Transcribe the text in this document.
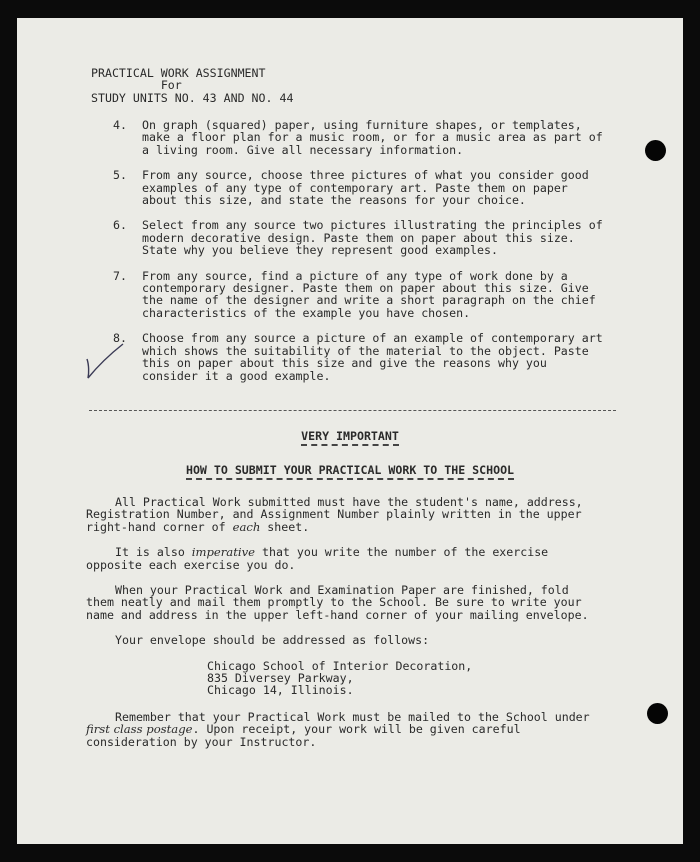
PRACTICAL WORK ASSIGNMENT
For
STUDY UNITS NO. 43 AND NO. 44
4.	On graph (squared) paper, using furniture shapes, or templates, make a floor plan for a music room, or for a music area as part of a living room. Give all necessary information.
5.	From any source, choose three pictures of what you consider good examples of any type of contemporary art. Paste them on paper about this size, and state the reasons for your choice.
6.	Select from any source two pictures illustrating the principles of modern decorative design. Paste them on paper about this size. State why you believe they represent good examples.
7.	From any source, find a picture of any type of work done by a contemporary designer. Paste them on paper about this size. Give the name of the designer and write a short paragraph on the chief characteristics of the example you have chosen.
8.	Choose from any source a picture of an example of contemporary art which shows the suitability of the material to the object. Paste this on paper about this size and give the reasons why you consider it a good example.
VERY IMPORTANT
HOW TO SUBMIT YOUR PRACTICAL WORK TO THE SCHOOL

All Practical Work submitted must have the student's name, address, Registration Number, and Assignment Number plainly written in the upper right-hand corner of each sheet.

It is also imperative that you write the number of the exercise opposite each exercise you do.

When your Practical Work and Examination Paper are finished, fold them neatly and mail them promptly to the School. Be sure to write your name and address in the upper left-hand corner of your mailing envelope.

Your envelope should be addressed as follows:

Chicago School of Interior Decoration,
835 Diversey Parkway,
Chicago 14, Illinois.

Remember that your Practical Work must be mailed to the School under first class postage. Upon receipt, your work will be given careful consideration by your Instructor.
